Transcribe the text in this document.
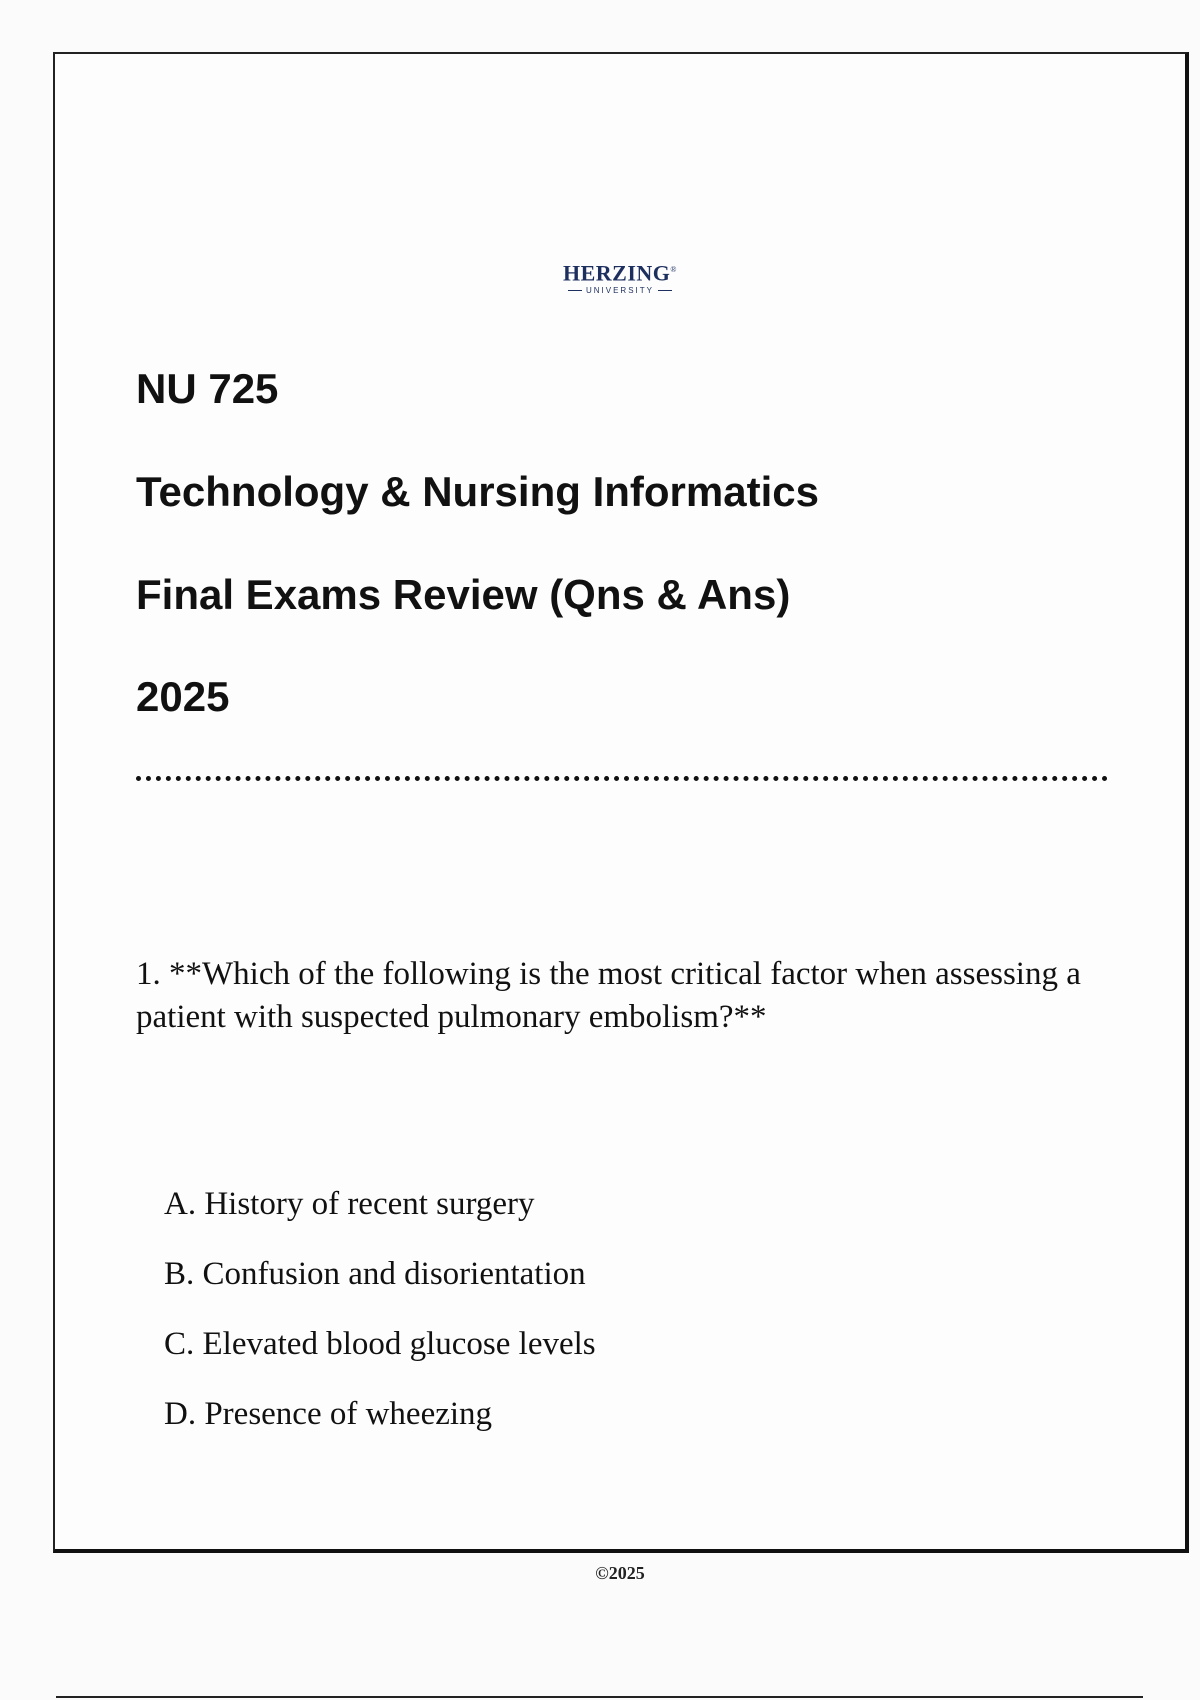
HERZING®
UNIVERSITY
NU 725
Technology & Nursing Informatics
Final Exams Review (Qns & Ans)
2025
1. **Which of the following is the most critical factor when assessing a patient with suspected pulmonary embolism?**
A. History of recent surgery
B. Confusion and disorientation
C. Elevated blood glucose levels
D. Presence of wheezing
©2025
